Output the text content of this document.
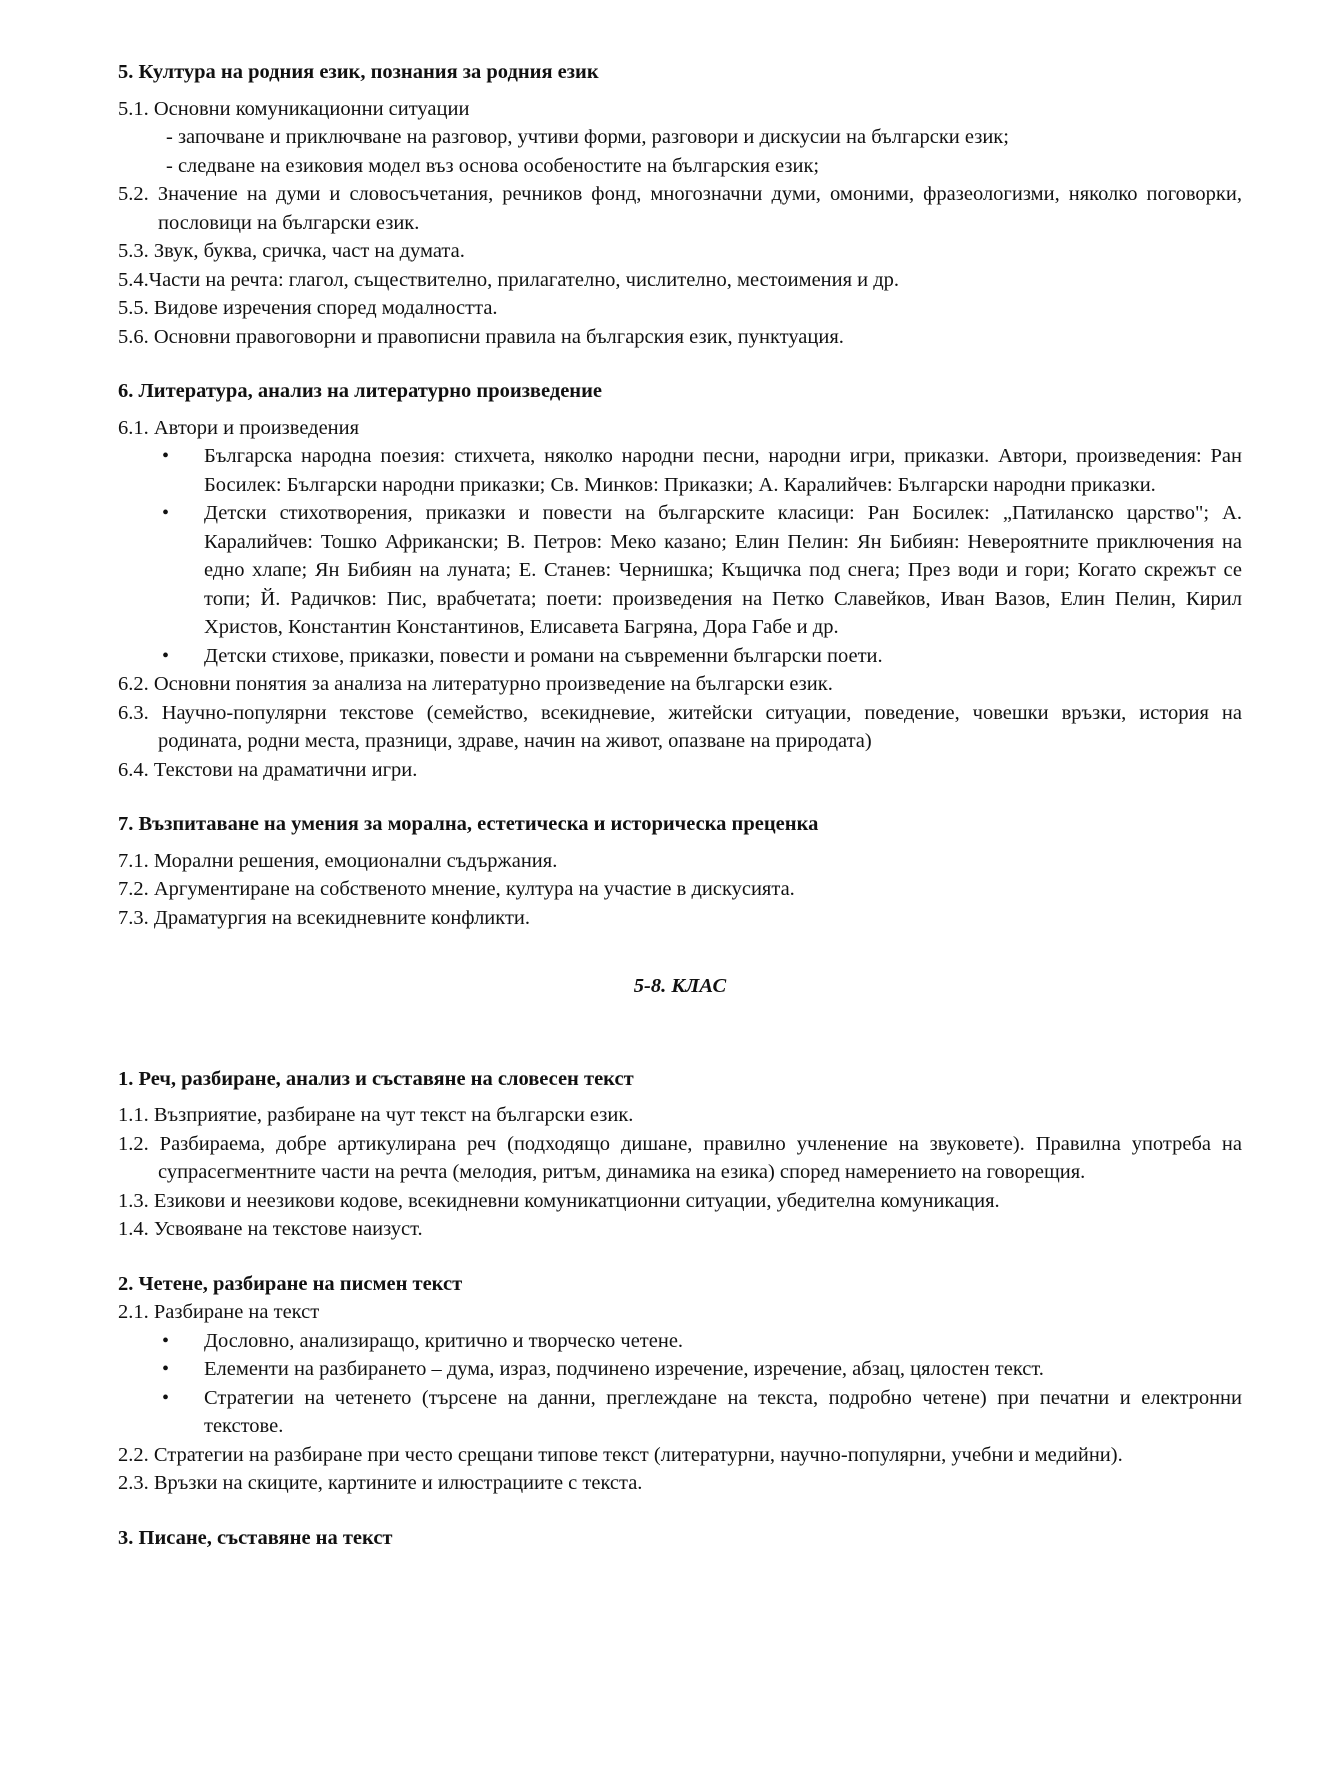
5. Култура на родния език, познания за родния език

5.1. Основни комуникационни ситуации

- започване и приключване на разговор, учтиви форми, разговори и дискусии на български език;

- следване на езиковия модел въз основа особеностите на българския език;

5.2. Значение на думи и словосъчетания, речников фонд, многозначни думи, омоними, фразеологизми, няколко поговорки, пословици на български език.

5.3. Звук, буква, сричка, част на думата.

5.4.Части на речта: глагол, съществително, прилагателно, числително, местоимения и др.

5.5. Видове изречения според модалността.

5.6. Основни правоговорни и правописни правила на българския език, пунктуация.

6. Литература, анализ на литературно произведение

6.1. Автори и произведения

• Българска народна поезия: стихчета, няколко народни песни, народни игри, приказки. Автори, произведения: Ран Босилек: Български народни приказки; Св. Минков: Приказки; А. Каралийчев: Български народни приказки.
• Детски стихотворения, приказки и повести на българските класици: Ран Босилек: „Патиланско царство"; А. Каралийчев: Тошко Африкански; В. Петров: Меко казано; Елин Пелин: Ян Бибиян: Невероятните приключения на едно хлапе; Ян Бибиян на луната; Е. Станев: Чернишка; Къщичка под снега; През води и гори; Когато скрежът се топи; Й. Радичков: Пис, врабчетата; поети: произведения на Петко Славейков, Иван Вазов, Елин Пелин, Кирил Христов, Константин Константинов, Елисавета Багряна, Дора Габе и др.
• Детски стихове, приказки, повести и романи на съвременни български поети.

6.2. Основни понятия за анализа на литературно произведение на български език.

6.3. Научно-популярни текстове (семейство, всекидневие, житейски ситуации, поведение, човешки връзки, история на родината, родни места, празници, здраве, начин на живот, опазване на природата)

6.4. Текстови на драматични игри.

7. Възпитаване на умения за морална, естетическа и историческа преценка

7.1. Морални решения, емоционални съдържания.

7.2. Аргументиране на собственото мнение, култура на участие в дискусията.

7.3. Драматургия на всекидневните конфликти.

5-8. КЛАС

1. Реч, разбиране, анализ и съставяне на словесен текст

1.1. Възприятие, разбиране на чут текст на български език.

1.2. Разбираема, добре артикулирана реч (подходящо дишане, правилно учленение на звуковете). Правилна употреба на супрасегментните части на речта (мелодия, ритъм, динамика на езика) според намерението на говорещия.

1.3. Езикови и неезикови кодове, всекидневни комуникатционни ситуации, убедителна комуникация.

1.4. Усвояване на текстове наизуст.

2. Четене, разбиране на писмен текст

2.1. Разбиране на текст

• Дословно, анализиращо, критично и творческо четене.
• Елементи на разбирането – дума, израз, подчинено изречение, изречение, абзац, цялостен текст.
• Стратегии на четенето (търсене на данни, преглеждане на текста, подробно четене) при печатни и електронни текстове.

2.2. Стратегии на разбиране при често срещани типове текст (литературни, научно-популярни, учебни и медийни).

2.3. Връзки на скиците, картините и илюстрациите с текста.

3. Писане, съставяне на текст
